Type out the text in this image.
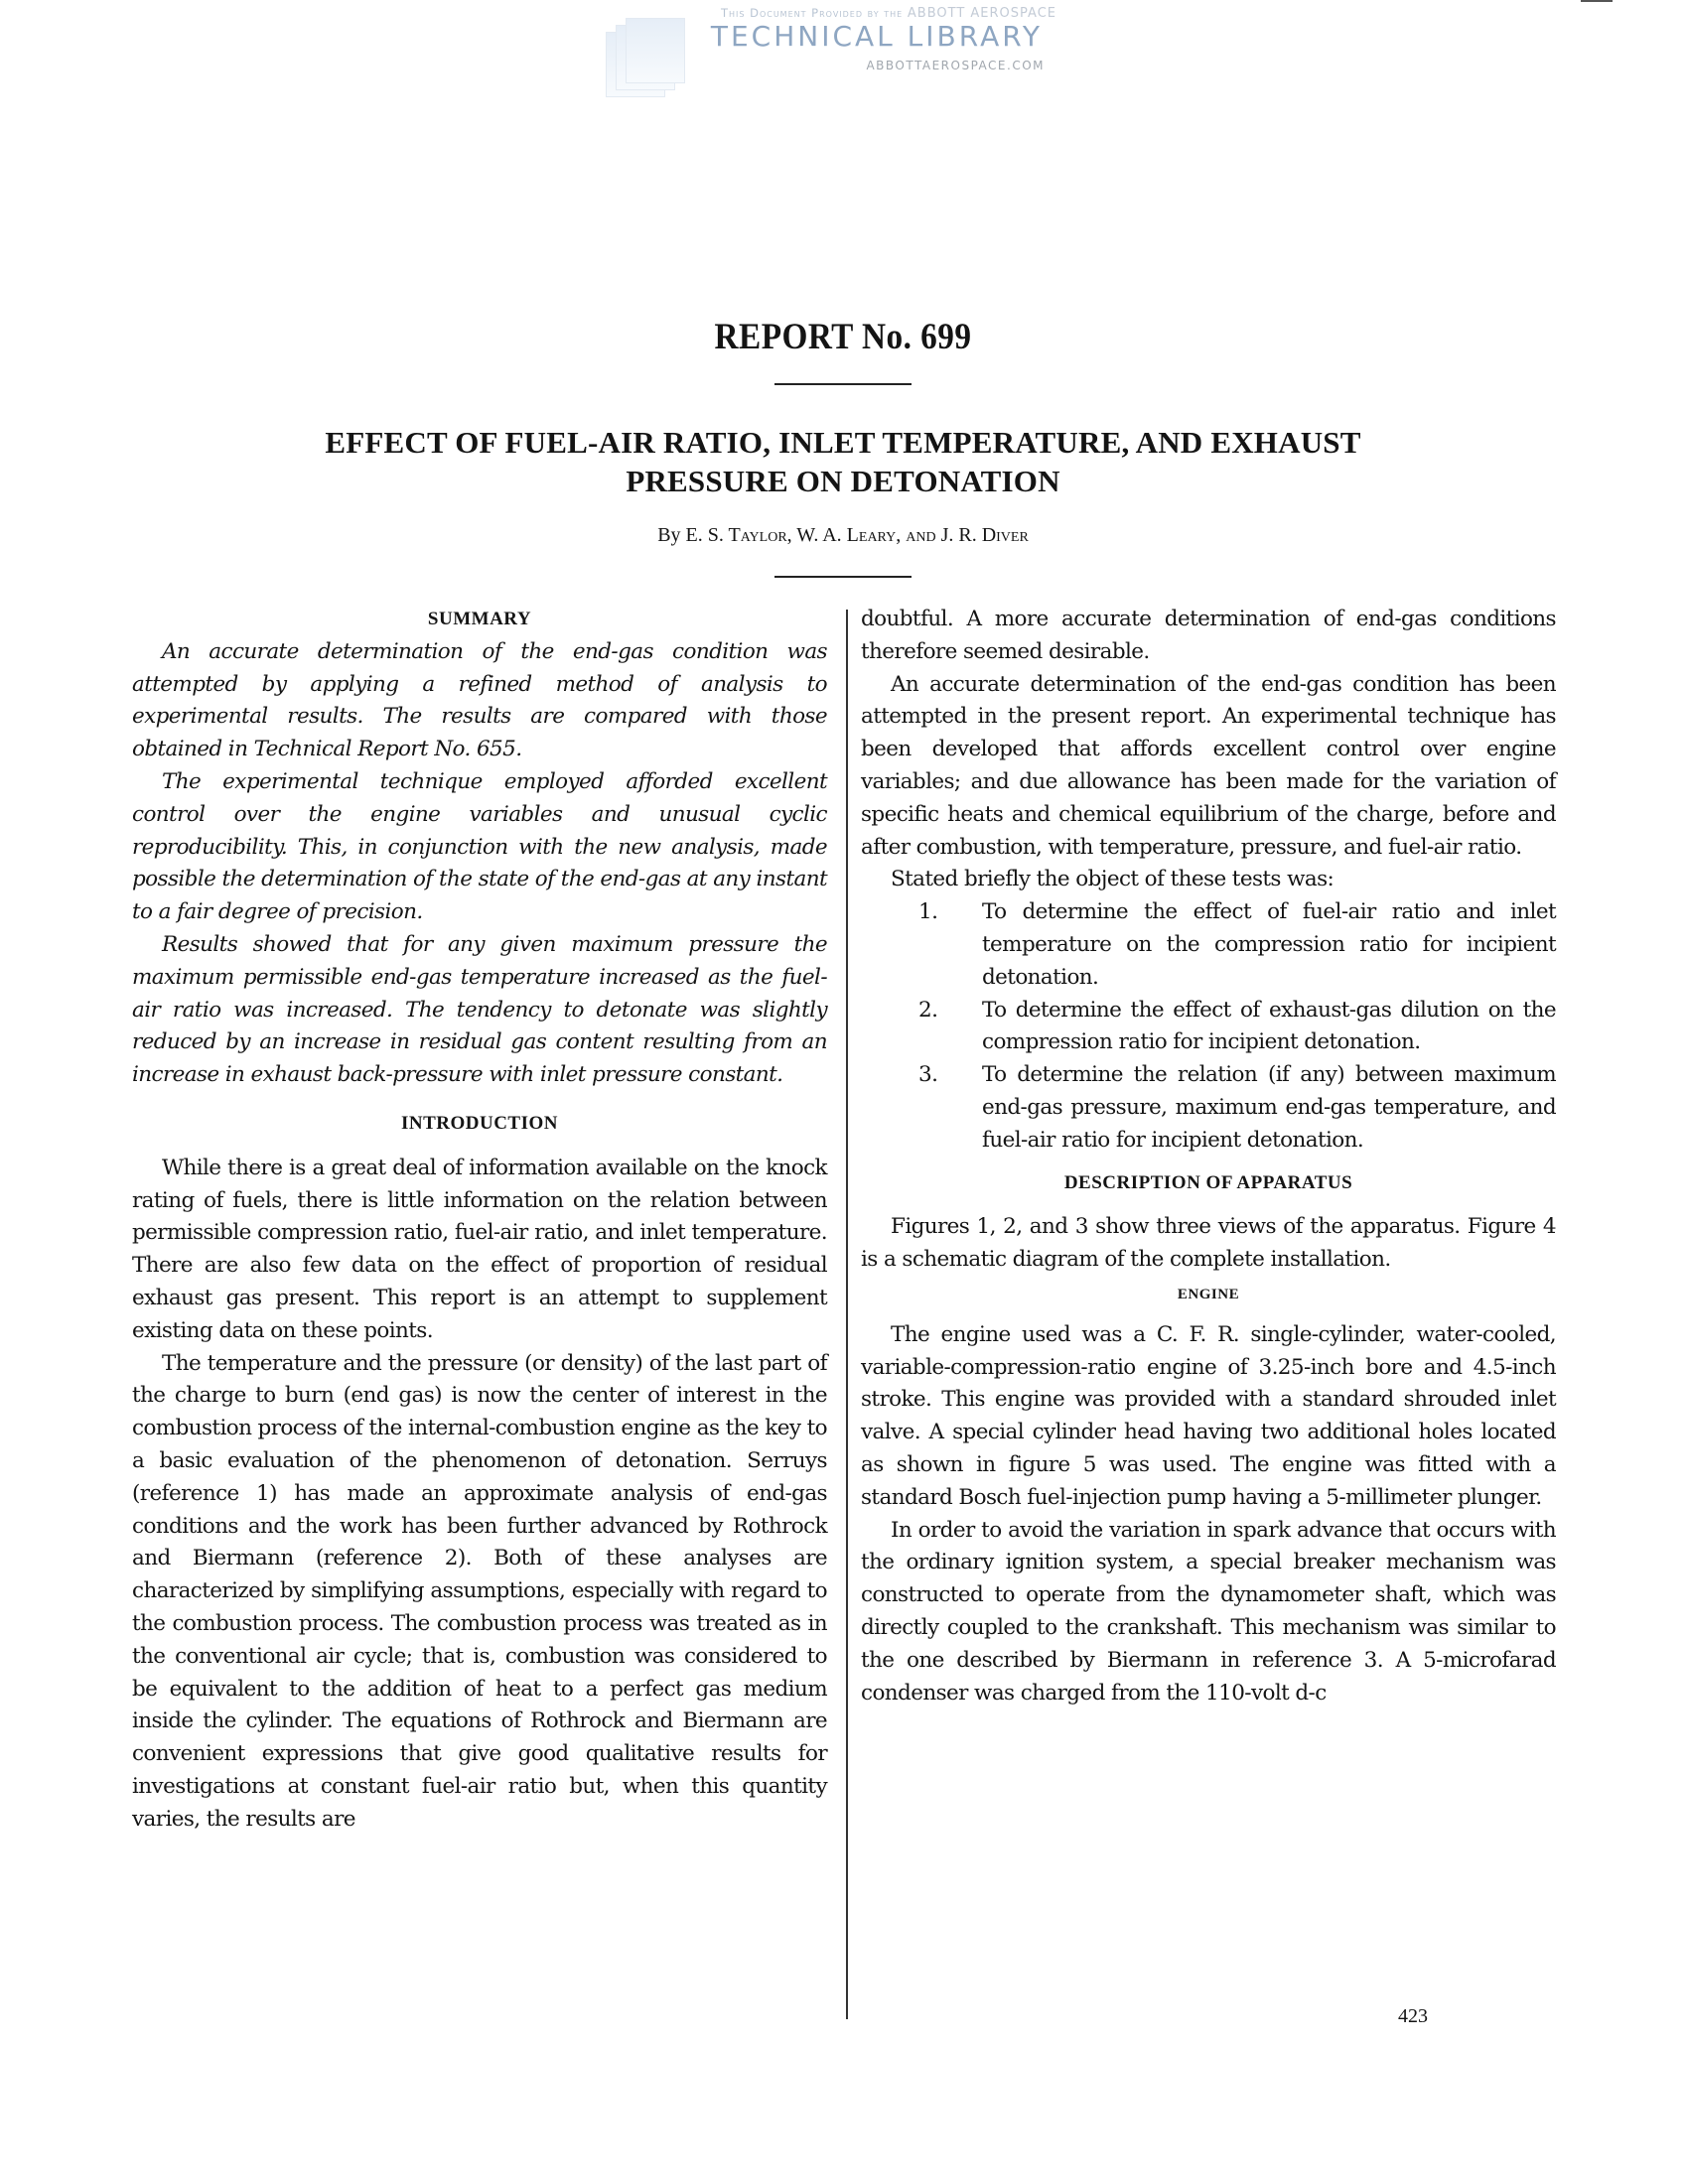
This Document Provided by the ABBOTT AEROSPACE
TECHNICAL LIBRARY
ABBOTTAEROSPACE.COM
REPORT No. 699
EFFECT OF FUEL-AIR RATIO, INLET TEMPERATURE, AND EXHAUST
PRESSURE ON DETONATION
By E. S. Taylor, W. A. Leary, and J. R. Diver
SUMMARY

An accurate determination of the end-gas condition was attempted by applying a refined method of analysis to experimental results. The results are compared with those obtained in Technical Report No. 655.

The experimental technique employed afforded excellent control over the engine variables and unusual cyclic reproducibility. This, in conjunction with the new analysis, made possible the determination of the state of the end-gas at any instant to a fair degree of precision.

Results showed that for any given maximum pressure the maximum permissible end-gas temperature increased as the fuel-air ratio was increased. The tendency to detonate was slightly reduced by an increase in residual gas content resulting from an increase in exhaust back-pressure with inlet pressure constant.

INTRODUCTION

While there is a great deal of information available on the knock rating of fuels, there is little information on the relation between permissible compression ratio, fuel-air ratio, and inlet temperature. There are also few data on the effect of proportion of residual exhaust gas present. This report is an attempt to supplement existing data on these points.

The temperature and the pressure (or density) of the last part of the charge to burn (end gas) is now the center of interest in the combustion process of the internal-combustion engine as the key to a basic evaluation of the phenomenon of detonation. Serruys (reference 1) has made an approximate analysis of end-gas conditions and the work has been further advanced by Rothrock and Biermann (reference 2). Both of these analyses are characterized by simplifying assumptions, especially with regard to the combustion process. The combustion process was treated as in the conventional air cycle; that is, combustion was considered to be equivalent to the addition of heat to a perfect gas medium inside the cylinder. The equations of Rothrock and Biermann are convenient expressions that give good qualitative results for investigations at constant fuel-air ratio but, when this quantity varies, the results are

doubtful. A more accurate determination of end-gas conditions therefore seemed desirable.

An accurate determination of the end-gas condition has been attempted in the present report. An experimental technique has been developed that affords excellent control over engine variables; and due allowance has been made for the variation of specific heats and chemical equilibrium of the charge, before and after combustion, with temperature, pressure, and fuel-air ratio.

Stated briefly the object of these tests was:

1. To determine the effect of fuel-air ratio and inlet temperature on the compression ratio for incipient detonation.
2. To determine the effect of exhaust-gas dilution on the compression ratio for incipient detonation.
3. To determine the relation (if any) between maximum end-gas pressure, maximum end-gas temperature, and fuel-air ratio for incipient detonation.
DESCRIPTION OF APPARATUS

Figures 1, 2, and 3 show three views of the apparatus. Figure 4 is a schematic diagram of the complete installation.

ENGINE

The engine used was a C. F. R. single-cylinder, water-cooled, variable-compression-ratio engine of 3.25-inch bore and 4.5-inch stroke. This engine was provided with a standard shrouded inlet valve. A special cylinder head having two additional holes located as shown in figure 5 was used. The engine was fitted with a standard Bosch fuel-injection pump having a 5-millimeter plunger.

In order to avoid the variation in spark advance that occurs with the ordinary ignition system, a special breaker mechanism was constructed to operate from the dynamometer shaft, which was directly coupled to the crankshaft. This mechanism was similar to the one described by Biermann in reference 3. A 5-microfarad condenser was charged from the 110-volt d-c

423
